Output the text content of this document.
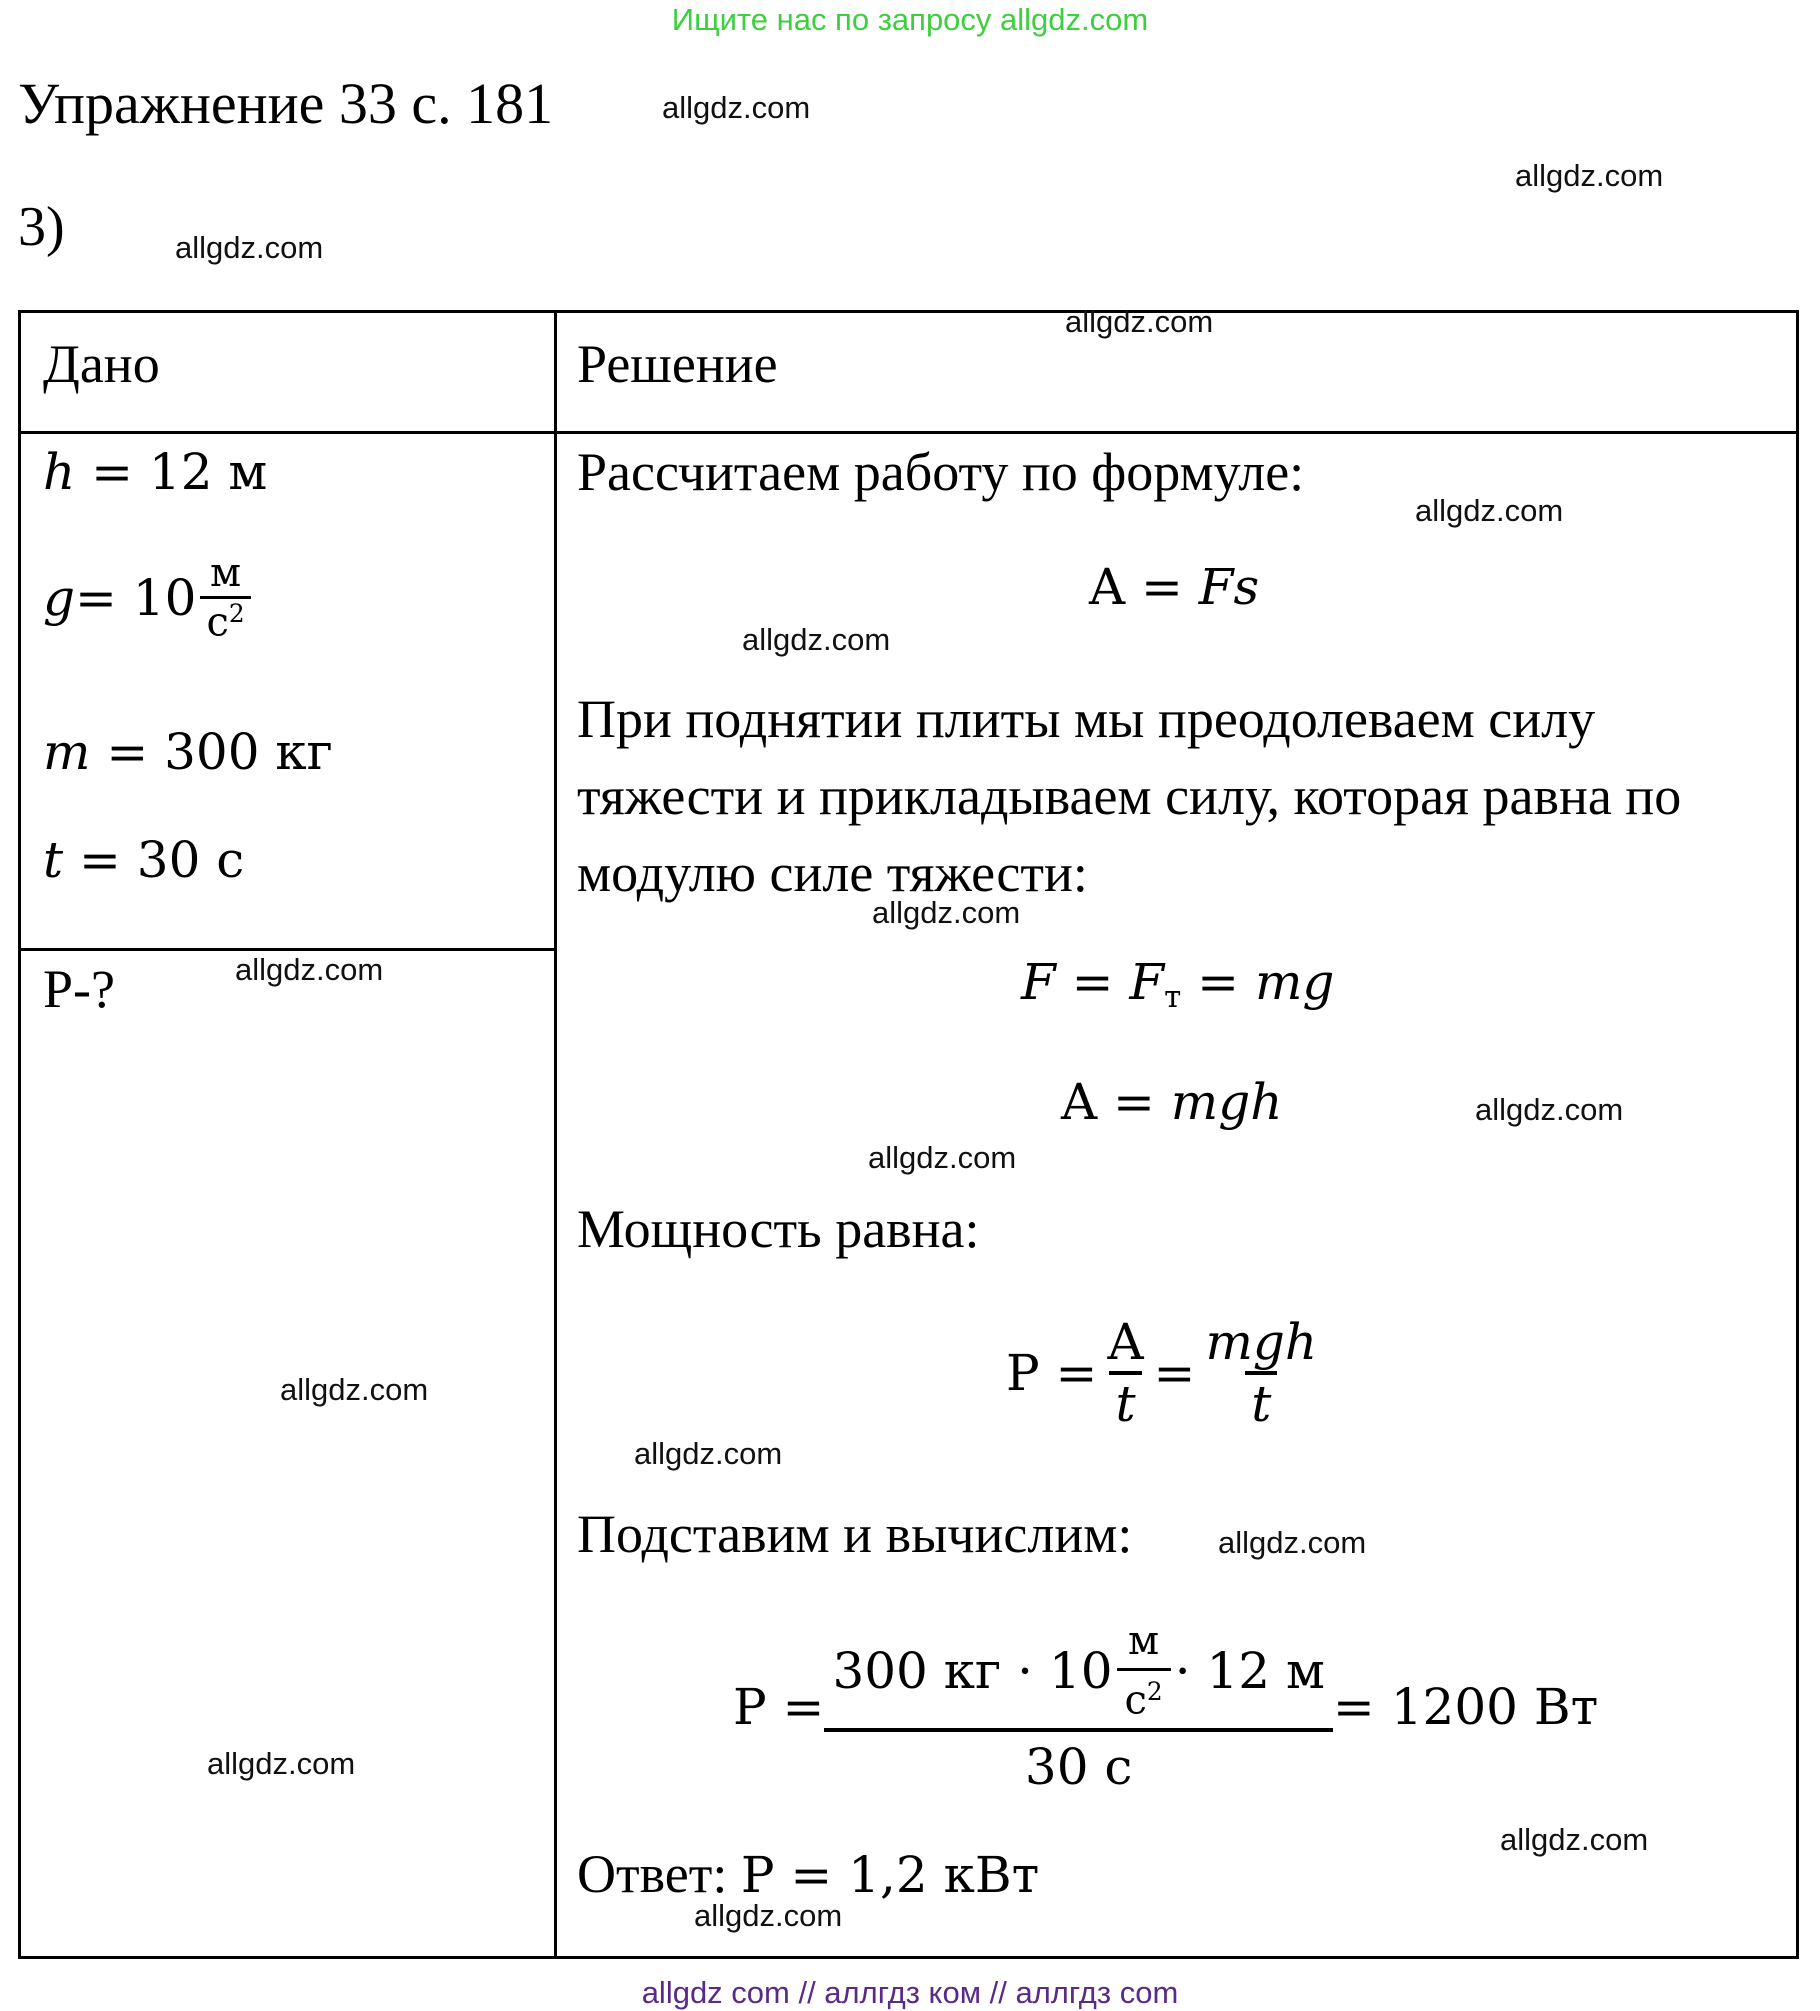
Ищите нас по запросу allgdz.com
Упражнение 33 с. 181
3)
Дано	Решение
h = 12 м
$g = 10 \frac{м}{с^2}$
m = 300 кг
t = 30 с
P-?
Рассчитаем работу по формуле:
A = Fs
При поднятии плиты мы преодолеваем силу тяжести и прикладываем силу, которая равна по модулю силе тяжести:
$F = F_т$ = mg
A = mgh
Мощность равна:
$P = \frac{A}{t} = \frac{\text{mgh}}{t}$
Подставим и вычислим:
P =
300 кг · $10 \frac{м}{с^2} \cdot 12$ м
30 с
= 1200 Вт
Ответ: P = 1,2 кВт
allgdz.com
allgdz.com
allgdz.com
allgdz.com
allgdz.com
allgdz.com
allgdz.com
allgdz.com
allgdz.com
allgdz.com
allgdz.com
allgdz.com
allgdz.com
allgdz.com
allgdz.com
allgdz.com
allgdz com // аллгдз ком // аллгдз com
